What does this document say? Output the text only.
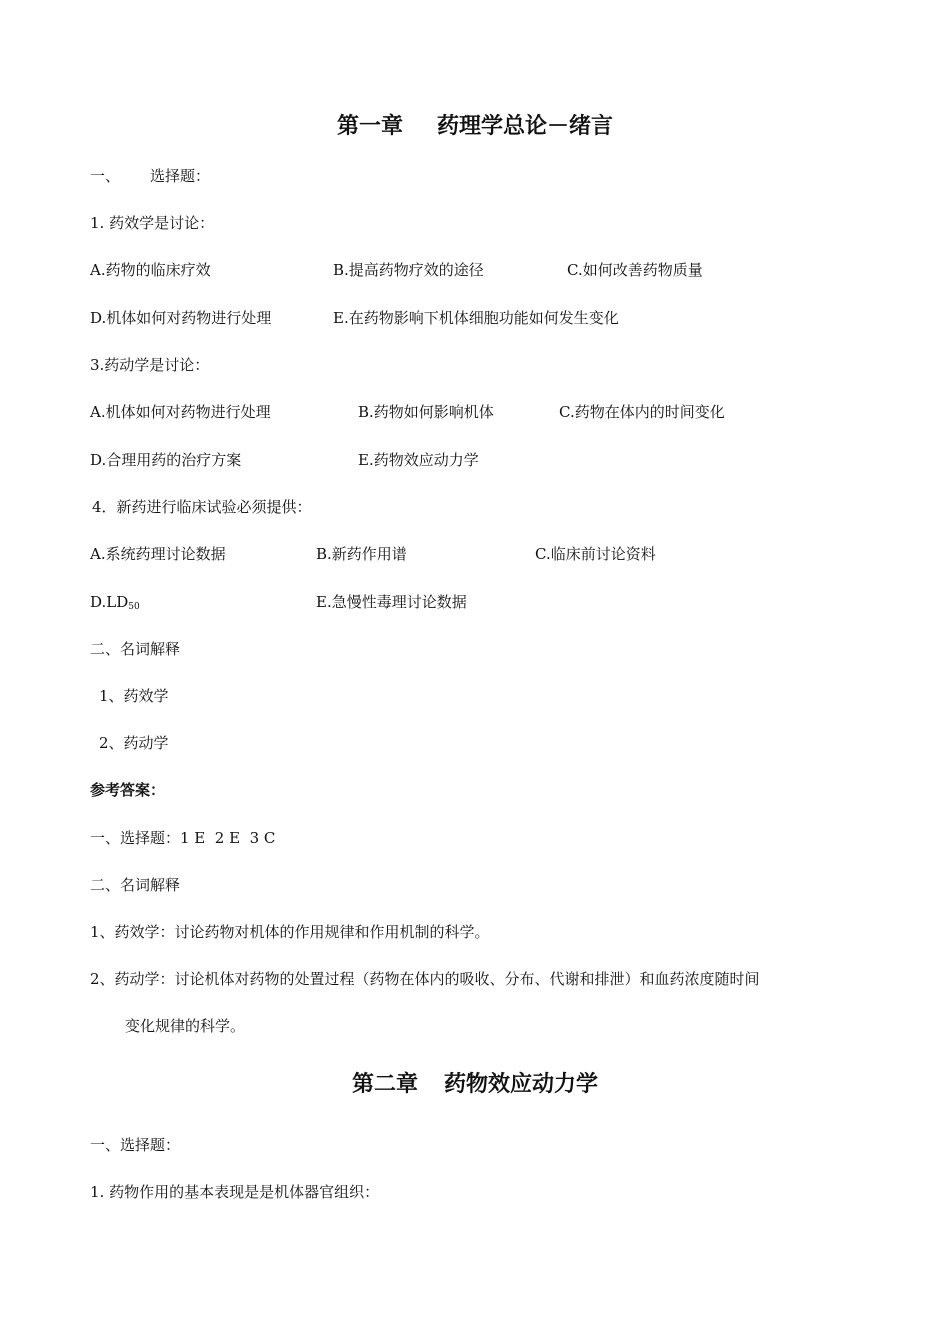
第一章 药理学总论－绪言
一、 选择题：
1. 药效学是讨论：
A.药物的临床疗效	B.提高药物疗效的途径	C.如何改善药物质量
D.机体如何对药物进行处理	E.在药物影响下机体细胞功能如何发生变化
3.药动学是讨论：
A.机体如何对药物进行处理	B.药物如何影响机体	C.药物在体内的时间变化
D.合理用药的治疗方案	E.药物效应动力学
4．新药进行临床试验必须提供：
A.系统药理讨论数据	B.新药作用谱	C.临床前讨论资料
$D.LD_{50}$	E.急慢性毒理讨论数据
二、名词解释
1、药效学
2、药动学
参考答案：
一、选择题：1 E  2 E  3 C
二、名词解释
1、药效学：讨论药物对机体的作用规律和作用机制的科学。
2、药动学：讨论机体对药物的处置过程（药物在体内的吸收、分布、代谢和排泄）和血药浓度随时间
变化规律的科学。
第二章 药物效应动力学
一、选择题：
1. 药物作用的基本表现是是机体器官组织：
